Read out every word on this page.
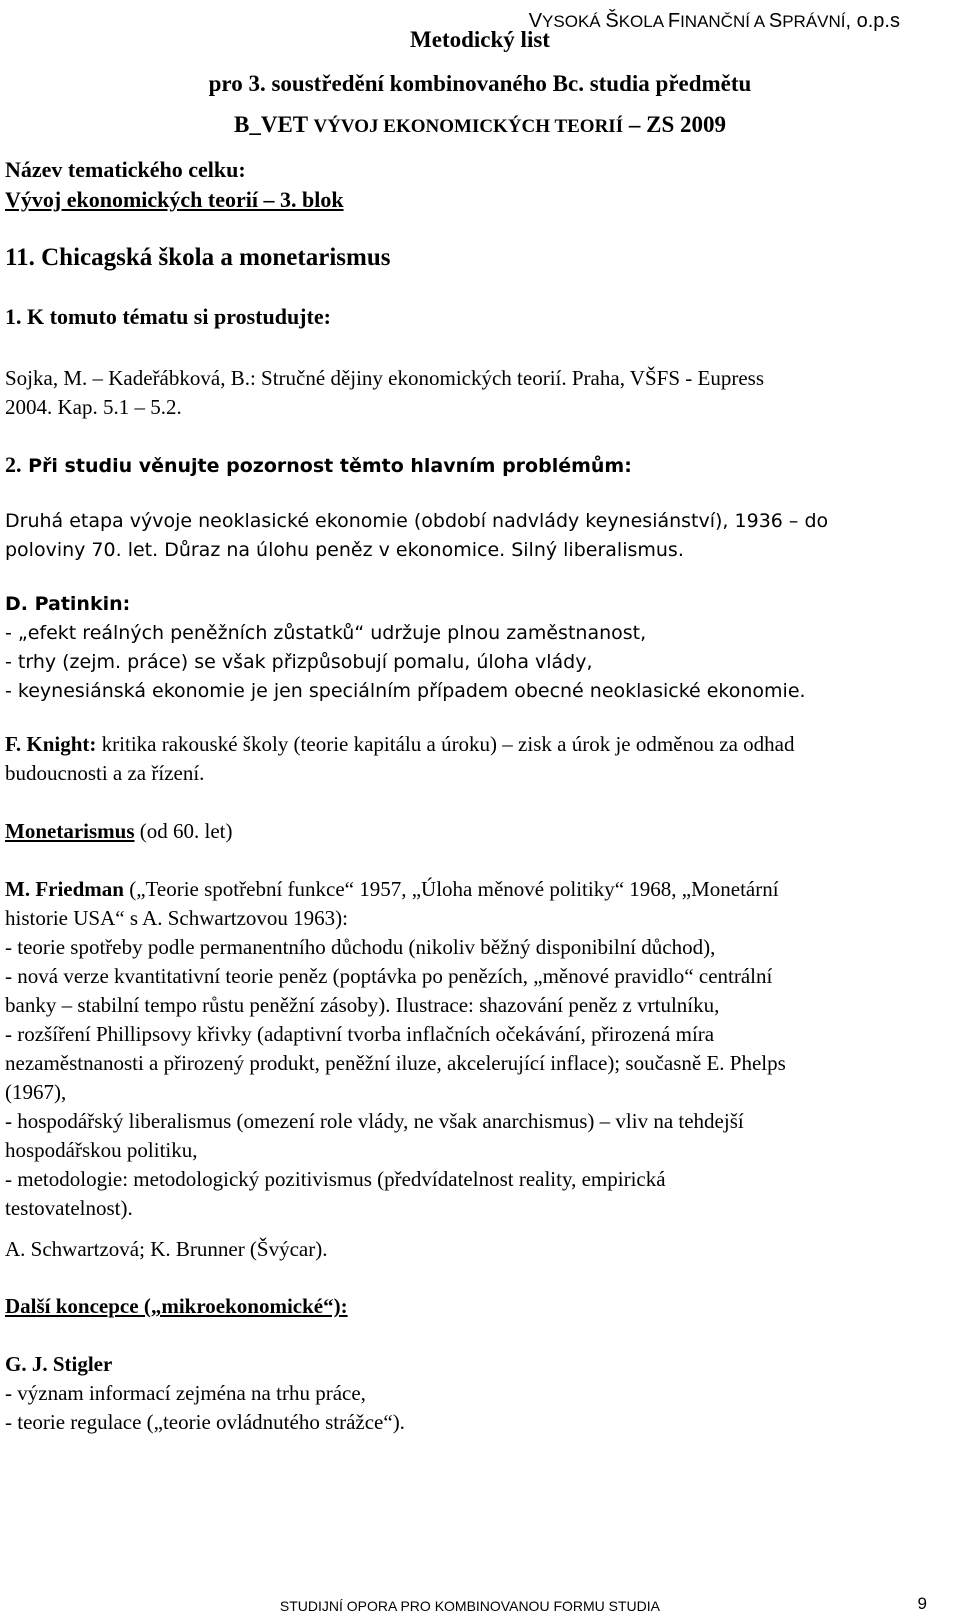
VYSOKÁ ŠKOLA FINANČNÍ A SPRÁVNÍ, o.p.s
Metodický list
pro 3. soustředění kombinovaného Bc. studia předmětu
B_VET VÝVOJ EKONOMICKÝCH TEORIÍ – ZS 2009
Název tematického celku:
Vývoj ekonomických teorií – 3. blok
11. Chicagská škola a monetarismus
1. K tomuto tématu si prostudujte:
Sojka, M. – Kadeřábková, B.: Stručné dějiny ekonomických teorií. Praha, VŠFS - Eupress
2004. Kap. 5.1 – 5.2.
2. Při studiu věnujte pozornost těmto hlavním problémům:
Druhá etapa vývoje neoklasické ekonomie (období nadvlády keynesiánství), 1936 – do
poloviny 70. let. Důraz na úlohu peněz v ekonomice. Silný liberalismus.
D. Patinkin:
- „efekt reálných peněžních zůstatků“ udržuje plnou zaměstnanost,
- trhy (zejm. práce) se však přizpůsobují pomalu, úloha vlády,
- keynesiánská ekonomie je jen speciálním případem obecné neoklasické ekonomie.
F. Knight: kritika rakouské školy (teorie kapitálu a úroku) – zisk a úrok je odměnou za odhad
budoucnosti a za řízení.
Monetarismus (od 60. let)
M. Friedman („Teorie spotřební funkce“ 1957, „Úloha měnové politiky“ 1968, „Monetární
historie USA“ s A. Schwartzovou 1963):
- teorie spotřeby podle permanentního důchodu (nikoliv běžný disponibilní důchod),
- nová verze kvantitativní teorie peněz (poptávka po penězích, „měnové pravidlo“ centrální
banky – stabilní tempo růstu peněžní zásoby). Ilustrace: shazování peněz z vrtulníku,
- rozšíření Phillipsovy křivky (adaptivní tvorba inflačních očekávání, přirozená míra
nezaměstnanosti a přirozený produkt, peněžní iluze, akcelerující inflace); současně E. Phelps
(1967),
- hospodářský liberalismus (omezení role vlády, ne však anarchismus) – vliv na tehdejší
hospodářskou politiku,
- metodologie: metodologický pozitivismus (předvídatelnost reality, empirická
testovatelnost).
A. Schwartzová; K. Brunner (Švýcar).
Další koncepce („mikroekonomické“):
G. J. Stigler
- význam informací zejména na trhu práce,
- teorie regulace („teorie ovládnutého strážce“).
STUDIJNÍ OPORA PRO KOMBINOVANOU FORMU STUDIA	9
